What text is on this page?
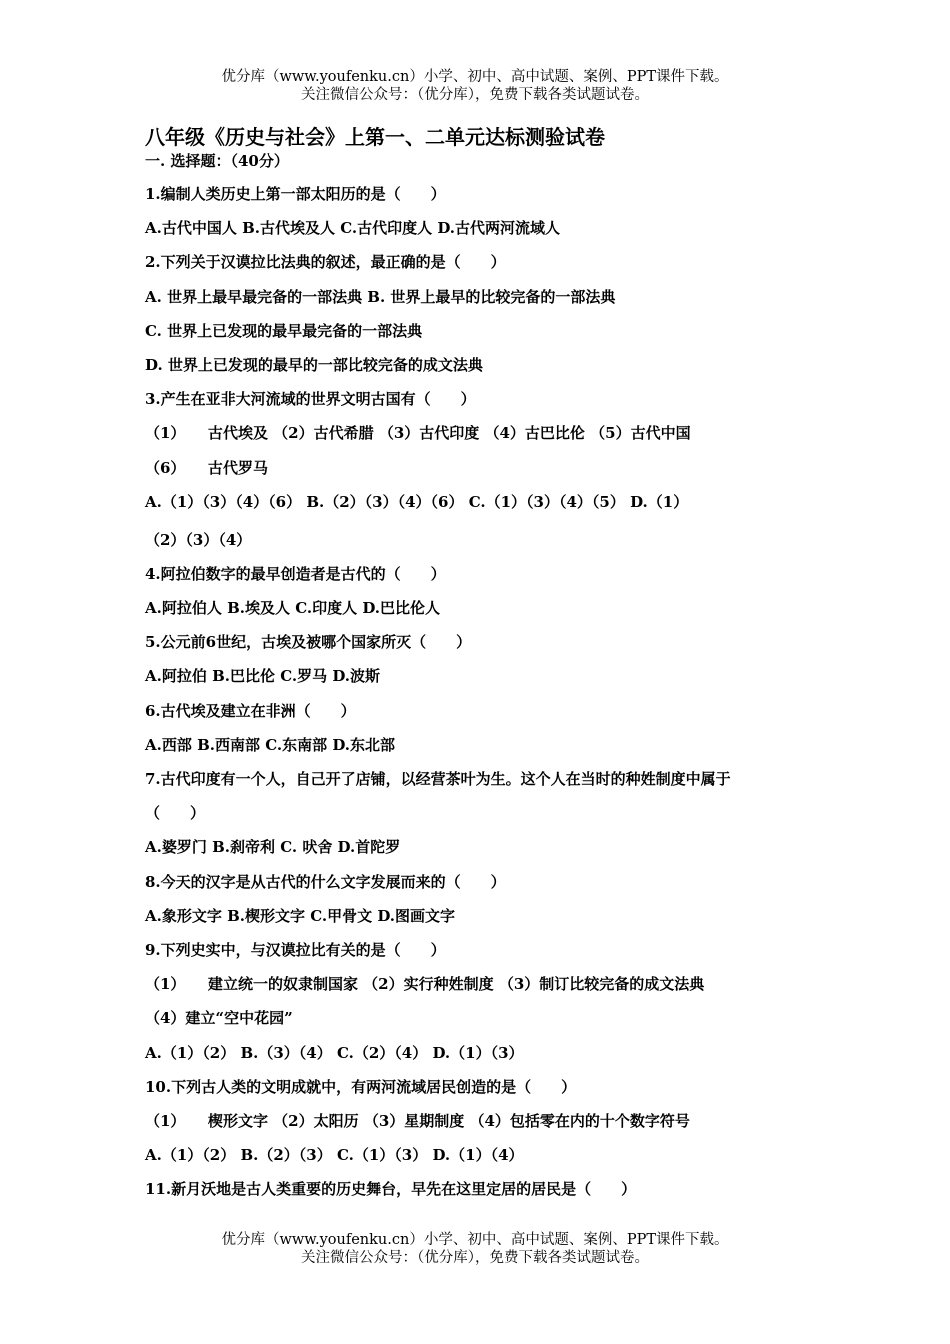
优分库（www.youfenku.cn）小学、初中、高中试题、案例、PPT课件下载。
关注微信公众号：（优分库），免费下载各类试题试卷。
八年级《历史与社会》上第一、二单元达标测验试卷
一. 选择题：（40分）
1.编制人类历史上第一部太阳历的是（　　）
A.古代中国人 B.古代埃及人 C.古代印度人 D.古代两河流域人
2.下列关于汉谟拉比法典的叙述，最正确的是（　　）
A. 世界上最早最完备的一部法典 B. 世界上最早的比较完备的一部法典
C. 世界上已发现的最早最完备的一部法典
D. 世界上已发现的最早的一部比较完备的成文法典
3.产生在亚非大河流域的世界文明古国有（　　）
（1）　　古代埃及 （2）古代希腊 （3）古代印度 （4）古巴比伦 （5）古代中国
（6）　　古代罗马
A.（1）（3）（4）（6） B.（2）（3）（4）（6） C.（1）（3）（4）（5） D.（1）
（2）（3）（4）
4.阿拉伯数字的最早创造者是古代的（　　）
A.阿拉伯人 B.埃及人 C.印度人 D.巴比伦人
5.公元前6世纪，古埃及被哪个国家所灭（　　）
A.阿拉伯 B.巴比伦 C.罗马 D.波斯
6.古代埃及建立在非洲（　　）
A.西部 B.西南部 C.东南部 D.东北部
7.古代印度有一个人，自己开了店铺，以经营茶叶为生。这个人在当时的种姓制度中属于
（　　）
A.婆罗门 B.刹帝利 C. 吠舍 D.首陀罗
8.今天的汉字是从古代的什么文字发展而来的（　　）
A.象形文字 B.楔形文字 C.甲骨文 D.图画文字
9.下列史实中，与汉谟拉比有关的是（　　）
（1）　　建立统一的奴隶制国家 （2）实行种姓制度 （3）制订比较完备的成文法典
（4）建立“空中花园”
A.（1）（2） B.（3）（4） C.（2）（4） D.（1）（3）
10.下列古人类的文明成就中，有两河流域居民创造的是（　　）
（1）　　楔形文字 （2）太阳历 （3）星期制度 （4）包括零在内的十个数字符号
A.（1）（2） B.（2）（3） C.（1）（3） D.（1）（4）
11.新月沃地是古人类重要的历史舞台，早先在这里定居的居民是（　　）
优分库（www.youfenku.cn）小学、初中、高中试题、案例、PPT课件下载。
关注微信公众号：（优分库），免费下载各类试题试卷。
